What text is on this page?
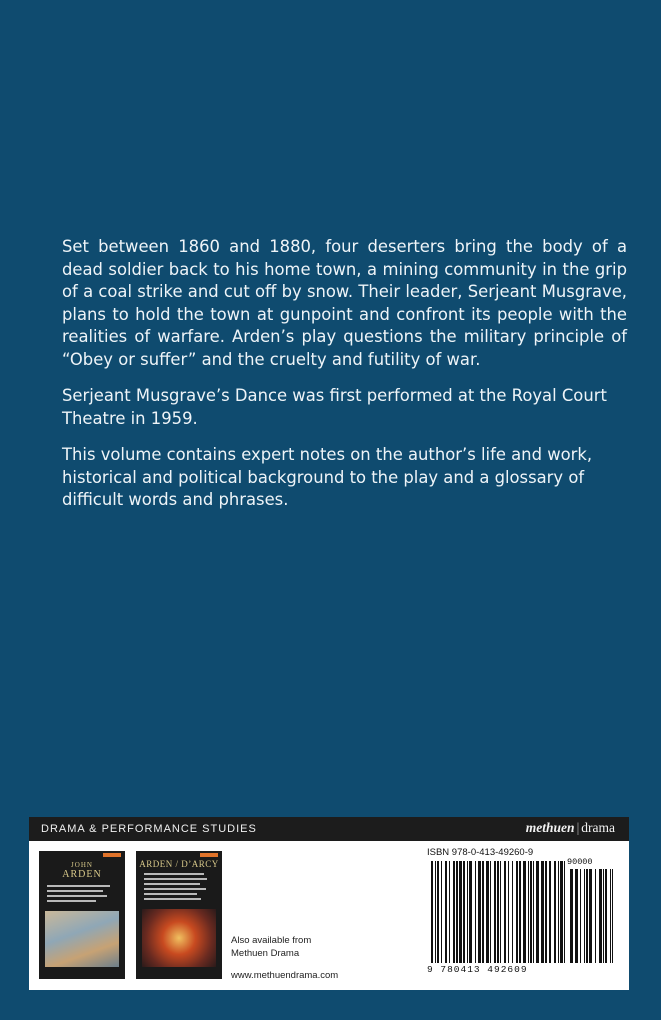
Set between 1860 and 1880, four deserters bring the body of a dead soldier back to his home town, a mining community in the grip of a coal strike and cut off by snow. Their leader, Serjeant Musgrave, plans to hold the town at gunpoint and confront its people with the realities of warfare. Arden’s play questions the military principle of “Obey or suffer” and the cruelty and futility of war.

Serjeant Musgrave’s Dance was first performed at the Royal Court Theatre in 1959.

This volume contains expert notes on the author’s life and work, historical and political background to the play and a glossary of difficult words and phrases.

DRAMA & PERFORMANCE STUDIES	methuen | drama
JOHN
ARDEN
ARDEN / D’ARCY
Also available from
Methuen Drama
www.methuendrama.com
ISBN 978-0-413-49260-9
90000
9 780413 492609
